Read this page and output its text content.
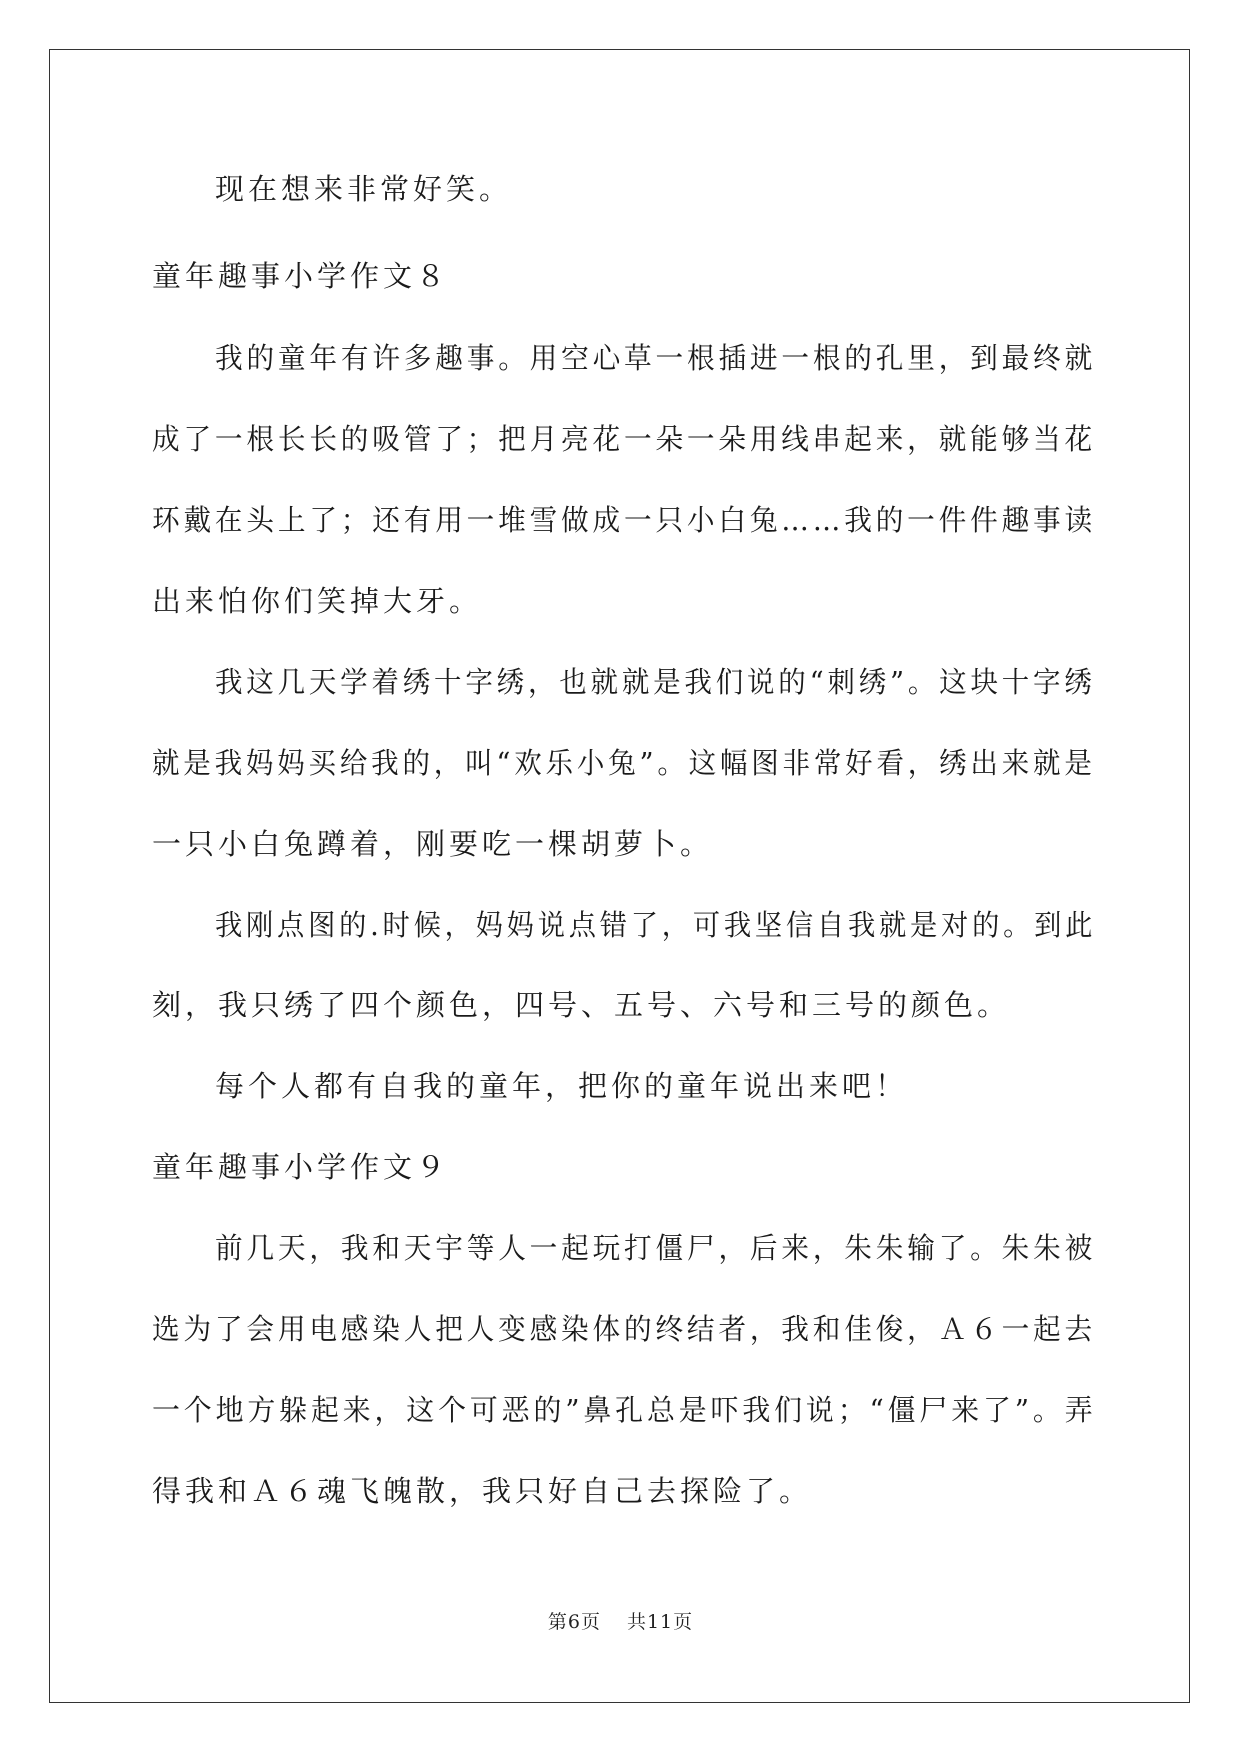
现在想来非常好笑。
童年趣事小学作文８
我的童年有许多趣事。用空心草一根插进一根的孔里，到最终就
成了一根长长的吸管了；把月亮花一朵一朵用线串起来，就能够当花
环戴在头上了；还有用一堆雪做成一只小白兔……我的一件件趣事读
出来怕你们笑掉大牙。
我这几天学着绣十字绣，也就就是我们说的“刺绣”。这块十字绣
就是我妈妈买给我的，叫“欢乐小兔”。这幅图非常好看，绣出来就是
一只小白兔蹲着，刚要吃一棵胡萝卜。
我刚点图的.时候，妈妈说点错了，可我坚信自我就是对的。到此
刻，我只绣了四个颜色，四号、五号、六号和三号的颜色。
每个人都有自我的童年，把你的童年说出来吧！
童年趣事小学作文９
前几天，我和天宇等人一起玩打僵尸，后来，朱朱输了。朱朱被
选为了会用电感染人把人变感染体的终结者，我和佳俊，Ａ６一起去
一个地方躲起来，这个可恶的”鼻孔总是吓我们说；“僵尸来了”。弄
得我和Ａ６魂飞魄散，我只好自己去探险了。
第6页 共11页
